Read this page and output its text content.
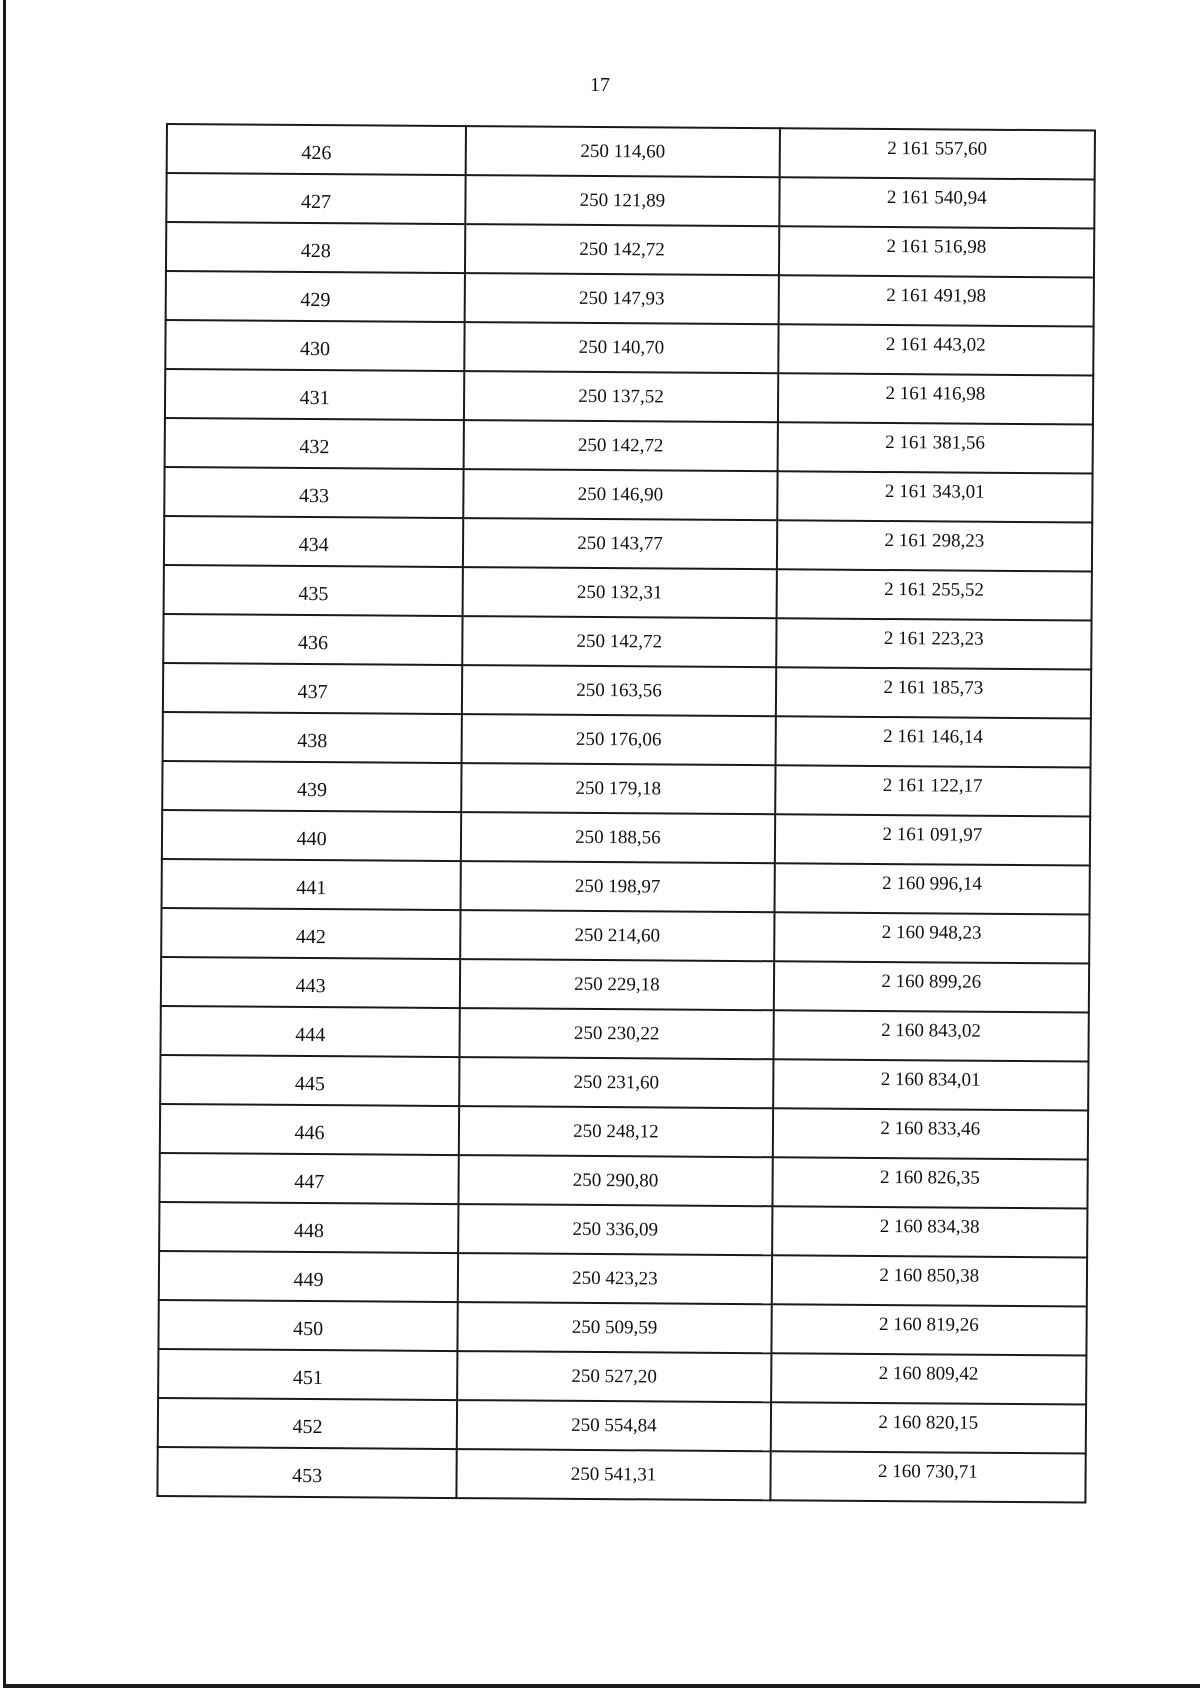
17
426	250 114,60	2 161 557,60
427	250 121,89	2 161 540,94
428	250 142,72	2 161 516,98
429	250 147,93	2 161 491,98
430	250 140,70	2 161 443,02
431	250 137,52	2 161 416,98
432	250 142,72	2 161 381,56
433	250 146,90	2 161 343,01
434	250 143,77	2 161 298,23
435	250 132,31	2 161 255,52
436	250 142,72	2 161 223,23
437	250 163,56	2 161 185,73
438	250 176,06	2 161 146,14
439	250 179,18	2 161 122,17
440	250 188,56	2 161 091,97
441	250 198,97	2 160 996,14
442	250 214,60	2 160 948,23
443	250 229,18	2 160 899,26
444	250 230,22	2 160 843,02
445	250 231,60	2 160 834,01
446	250 248,12	2 160 833,46
447	250 290,80	2 160 826,35
448	250 336,09	2 160 834,38
449	250 423,23	2 160 850,38
450	250 509,59	2 160 819,26
451	250 527,20	2 160 809,42
452	250 554,84	2 160 820,15
453	250 541,31	2 160 730,71
